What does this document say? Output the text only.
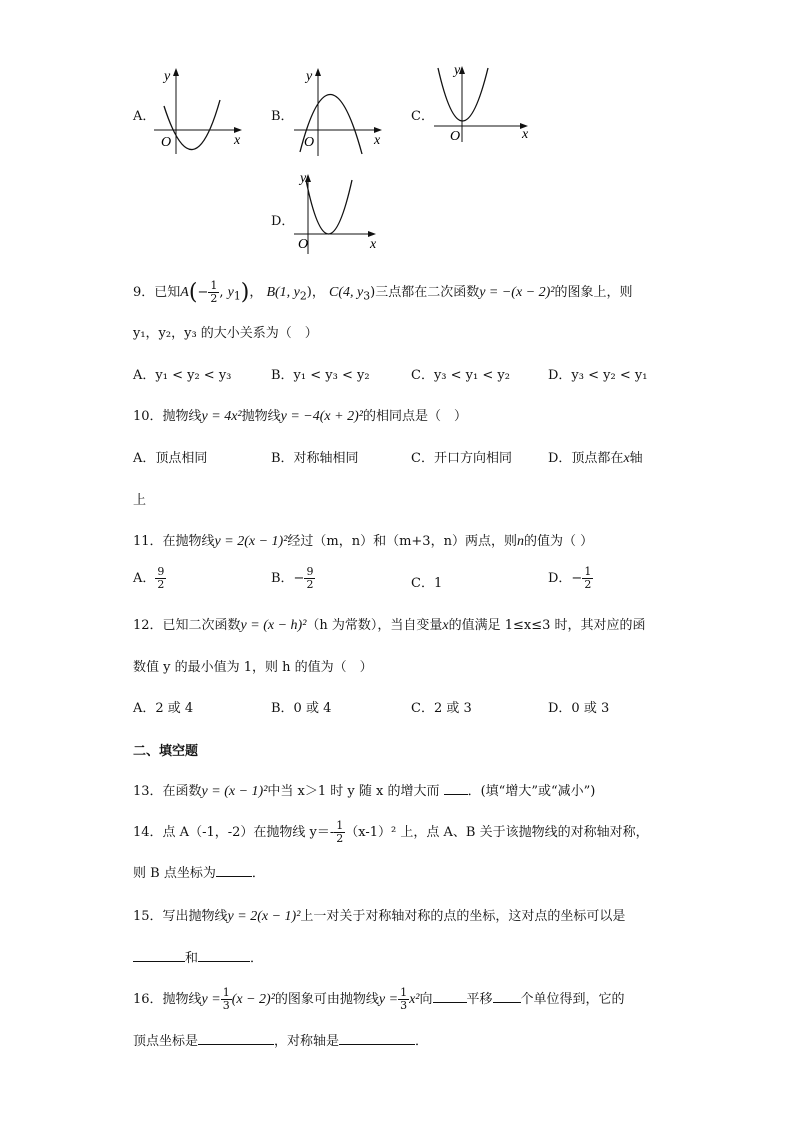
A．
y
x
O
B．
y
x
O
C．
y
x
O
D．
y
x
O
9．已知$A(- \frac{1}{2}$ , $y_1$)， B(1, $y_2$)， C(4, $y_3$)三点都在二次函数y = −(x − 2)²的图象上，则
y₁，y₂，y₃ 的大小关系为（　）
A．y₁ < y₂ < y₃	B．y₁ < y₃ < y₂	C．y₃ < y₁ < y₂	D．y₃ < y₂ < y₁
10．抛物线y = 4x²抛物线y = −4(x + 2)²的相同点是（　）
A．顶点相同	B．对称轴相同	C．开口方向相同	D．顶点都在x轴
上
11．在抛物线y = 2(x − 1)²经过（m，n）和（m+3，n）两点，则n的值为（ ）
A． $\frac{9}{2}$	B．− $\frac{9}{2}$	C．1	D．− $\frac{1}{2}$
12．已知二次函数y = (x − h)²（h 为常数），当自变量x的值满足 1≤x≤3 时，其对应的函
数值 y 的最小值为 1，则 h 的值为（　）
A．2 或 4	B．0 或 4	C．2 或 3	D．0 或 3
二、填空题
13．在函数y = (x − 1)²中当 x＞1 时 y 随 x 的增大而 ．(填“增大”或“减小”)
14．点 A（-1，-2）在抛物线 $y=- \frac{1}{2} (x-1)^2$ 上，点 A、B 关于该抛物线的对称轴对称，
则 B 点坐标为	．
15．写出抛物线y = 2(x − 1)²上一对关于对称轴对称的点的坐标，这对点的坐标可以是
和	．
16．抛物线$y = \frac{1}{3} (x - 2)^2$的图象可由抛物线$y = \frac{1}{3} x^2$向	平移 个单位得到，它的
顶点坐标是	，对称轴是	．
